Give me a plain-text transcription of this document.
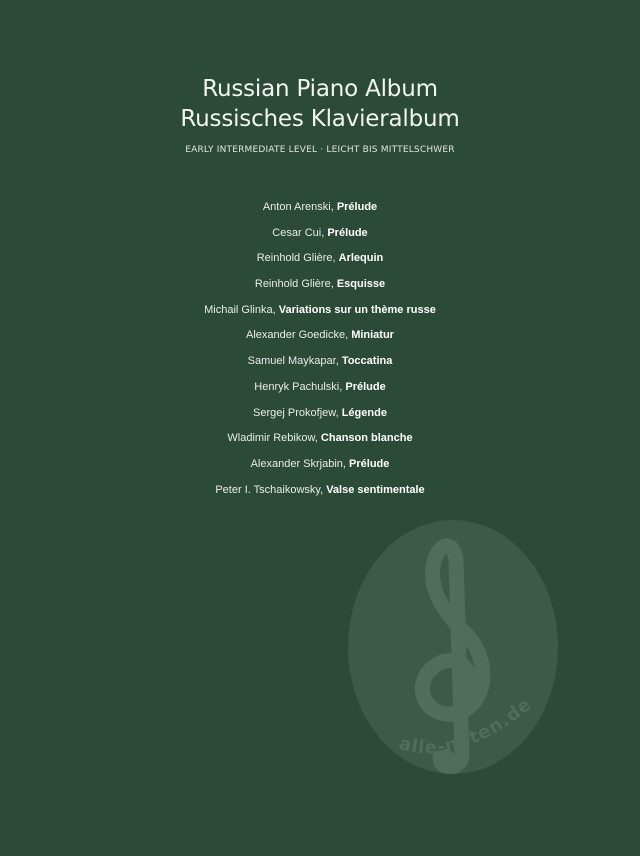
Russian Piano Album
Russisches Klavieralbum
EARLY INTERMEDIATE LEVEL · LEICHT BIS MITTELSCHWER
Anton Arenski, Prélude
Cesar Cui, Prélude
Reinhold Glière, Arlequin
Reinhold Glière, Esquisse
Michail Glinka, Variations sur un thème russe
Alexander Goedicke, Miniatur
Samuel Maykapar, Toccatina
Henryk Pachulski, Prélude
Sergej Prokofjew, Légende
Wladimir Rebikow, Chanson blanche
Alexander Skrjabin, Prélude
Peter I. Tschaikowsky, Valse sentimentale
alle-noten.de
